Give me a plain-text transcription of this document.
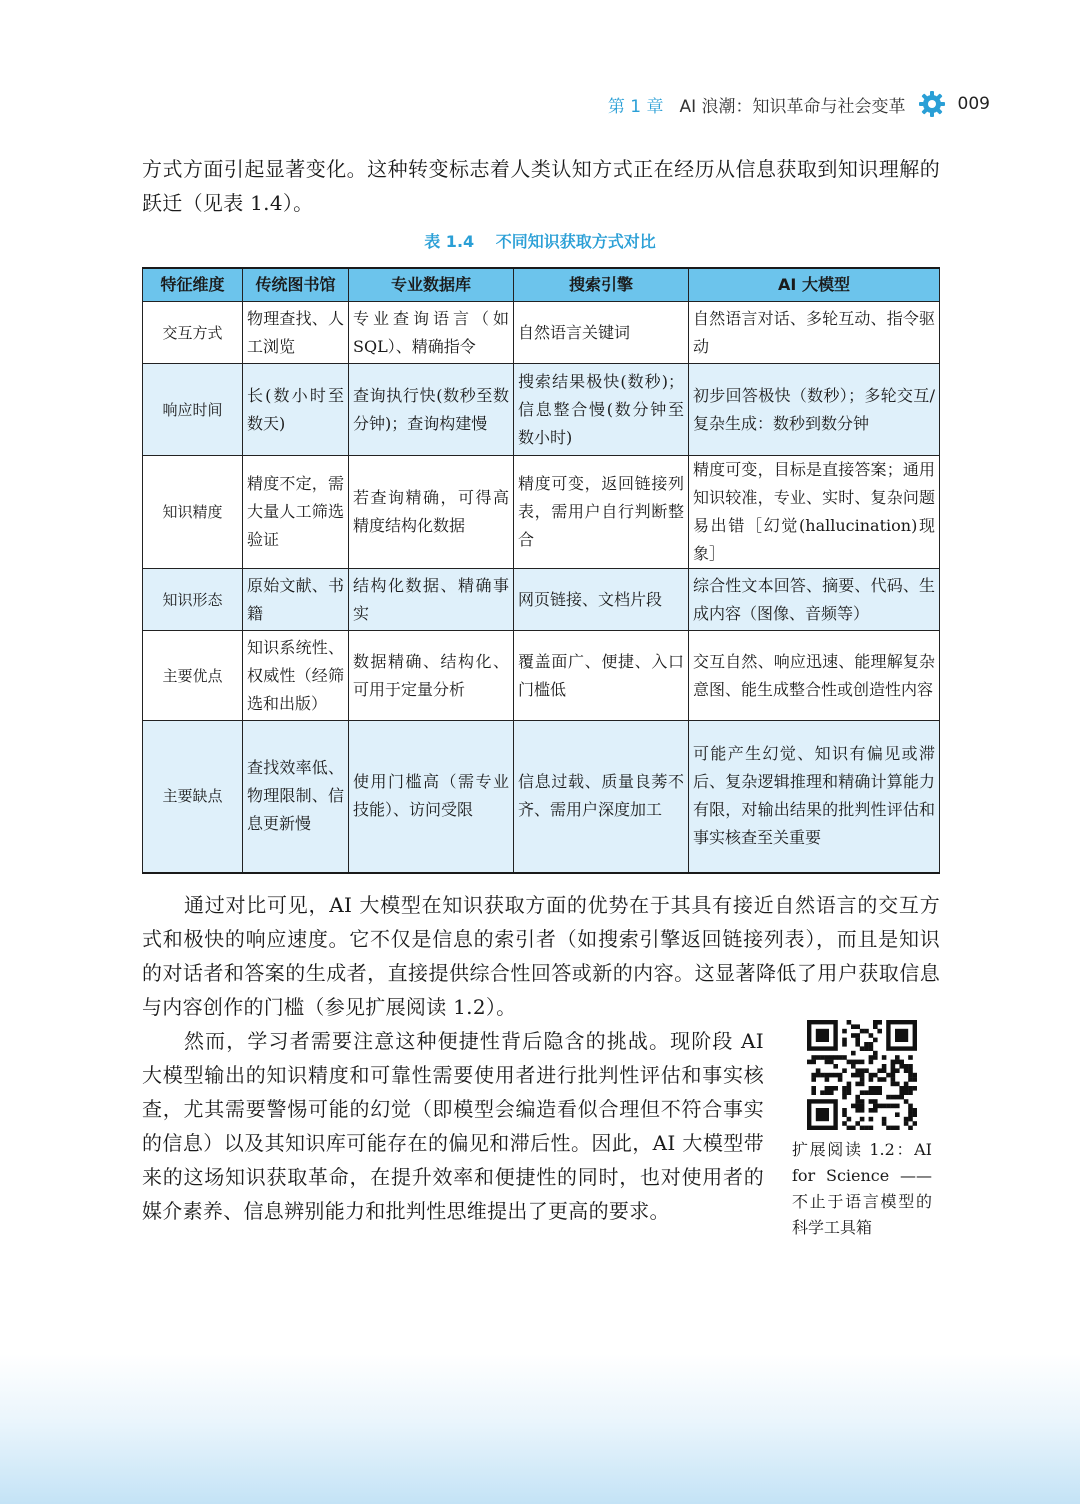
第 1 章 AI 浪潮：知识革命与社会变革	009

方式方面引起显著变化。这种转变标志着人类认知方式正在经历从信息获取到知识理解的跃迁（见表 1.4）。

表 1.4 不同知识获取方式对比
特征维度	传统图书馆	专业数据库	搜索引擎	AI 大模型
交互方式	物理查找、人工浏览	专业查询语言（如 SQL）、精确指令	自然语言关键词	自然语言对话、多轮互动、指令驱动
响应时间	长(数小时至数天)	查询执行快(数秒至数分钟)；查询构建慢	搜索结果极快(数秒)；信息整合慢(数分钟至数小时)	初步回答极快（数秒）；多轮交互/复杂生成：数秒到数分钟
知识精度	精度不定，需大量人工筛选验证	若查询精确，可得高精度结构化数据	精度可变，返回链接列表，需用户自行判断整合	精度可变，目标是直接答案；通用知识较准，专业、实时、复杂问题易出错［幻觉(hallucination)现象］
知识形态	原始文献、书籍	结构化数据、精确事实	网页链接、文档片段	综合性文本回答、摘要、代码、生成内容（图像、音频等）
主要优点	知识系统性、权威性（经筛选和出版）	数据精确、结构化、可用于定量分析	覆盖面广、便捷、入口门槛低	交互自然、响应迅速、能理解复杂意图、能生成整合性或创造性内容
主要缺点	查找效率低、物理限制、信息更新慢	使用门槛高（需专业技能）、访问受限	信息过载、质量良莠不齐、需用户深度加工	可能产生幻觉、知识有偏见或滞后、复杂逻辑推理和精确计算能力有限，对输出结果的批判性评估和事实核查至关重要

通过对比可见，AI 大模型在知识获取方面的优势在于其具有接近自然语言的交互方式和极快的响应速度。它不仅是信息的索引者（如搜索引擎返回链接列表），而且是知识的对话者和答案的生成者，直接提供综合性回答或新的内容。这显著降低了用户获取信息与内容创作的门槛（参见扩展阅读 1.2）。

然而，学习者需要注意这种便捷性背后隐含的挑战。现阶段 AI 大模型输出的知识精度和可靠性需要使用者进行批判性评估和事实核查，尤其需要警惕可能的幻觉（即模型会编造看似合理但不符合事实的信息）以及其知识库可能存在的偏见和滞后性。因此，AI 大模型带来的这场知识获取革命，在提升效率和便捷性的同时，也对使用者的媒介素养、信息辨别能力和批判性思维提出了更高的要求。

扩展阅读 1.2：AI for Science —— 不止于语言模型的科学工具箱
